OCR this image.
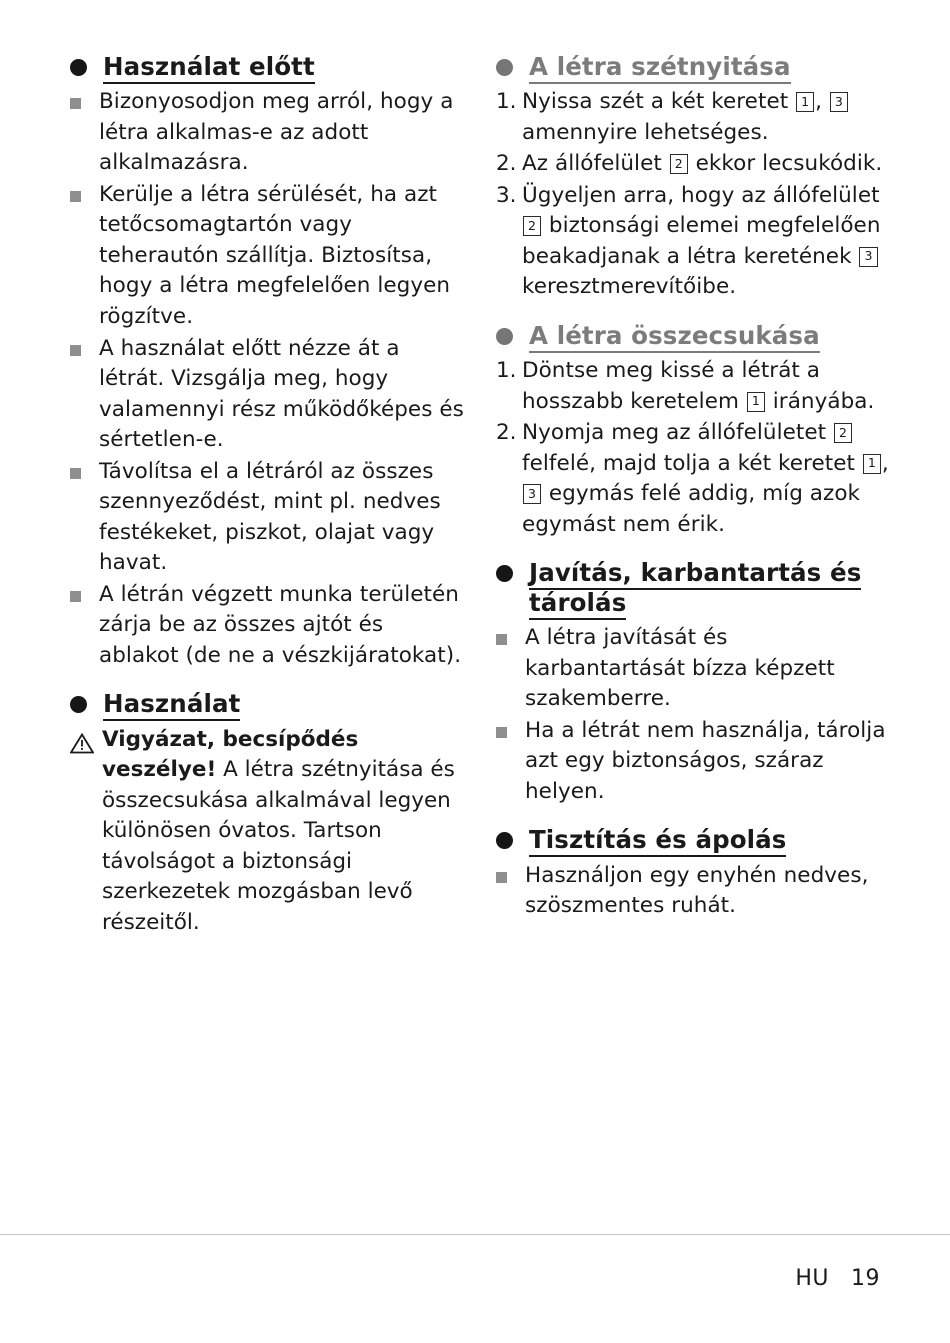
Használat előtt
Bizonyosodjon meg arról, hogy a létra alkalmas-e az adott alkalmazásra.
Kerülje a létra sérülését, ha azt tetőcsomagtartón vagy teherautón szállítja. Biztosítsa, hogy a létra megfelelően legyen rögzítve.
A használat előtt nézze át a létrát. Vizsgálja meg, hogy valamennyi rész működőképes és sértetlen-e.
Távolítsa el a létráról az összes szennyeződést, mint pl. nedves festékeket, piszkot, olajat vagy havat.
A létrán végzett munka területén zárja be az összes ajtót és ablakot (de ne a vészkijáratokat).
Használat
Vigyázat, becsípődés veszélye! A létra szétnyitása és összecsukása alkalmával legyen különösen óvatos. Tartson távolságot a biztonsági szerkezetek mozgásban levő részeitől.
A létra szétnyitása
1. Nyissa szét a két keretet 1 , 3 amennyire lehetséges.
2. Az állófelület 2 ekkor lecsukódik.
3. Ügyeljen arra, hogy az állófelület 2 biztonsági elemei megfelelően beakadjanak a létra keretének 3 keresztmerevítőibe.
A létra összecsukása
1. Döntse meg kissé a létrát a hosszabb keretelem 1 irányába.
2. Nyomja meg az állófelületet 2 felfelé, majd tolja a két keretet 1 , 3 egymás felé addig, míg azok egymást nem érik.
Javítás, karbantartás és tárolás
A létra javítását és karbantartását bízza képzett szakemberre.
Ha a létrát nem használja, tárolja azt egy biztonságos, száraz helyen.
Tisztítás és ápolás
Használjon egy enyhén nedves, szöszmentes ruhát.
HU 19
